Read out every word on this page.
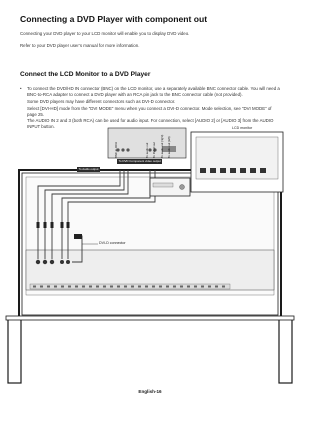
Connecting a DVD Player with component out

Connecting your DVD player to your LCD monitor will enable you to display DVD video.

Refer to your DVD player user’s manual for more information.

Connect the LCD Monitor to a DVD Player
•	To connect the DVD/HD IN connector (BNC) on the LCD monitor, use a separately available BNC connector cable. You will need a BNC-to-RCA adapter to connect a DVD player with an RCA pin jack to the BNC connector cable (not provided).

Some DVD players may have different connectors such as DVI-D connector.

Select [DVI-HD] mode from the “DVI MODE” menu when you connect a DVI-D connector. Mode selection, see “DVI MODE” of page 25.

The AUDIO IN 2 and 3 (both RCA) can be used for audio input. For connection, select [AUDIO 2] or [AUDIO 3] from the AUDIO INPUT button.	LCD monitor
DVI-D connector
To DVD Component video output
To Audio output
BNC-to-RCA	To audio out To DVI-D out To audio out (right) To audio out (left)
English-16
